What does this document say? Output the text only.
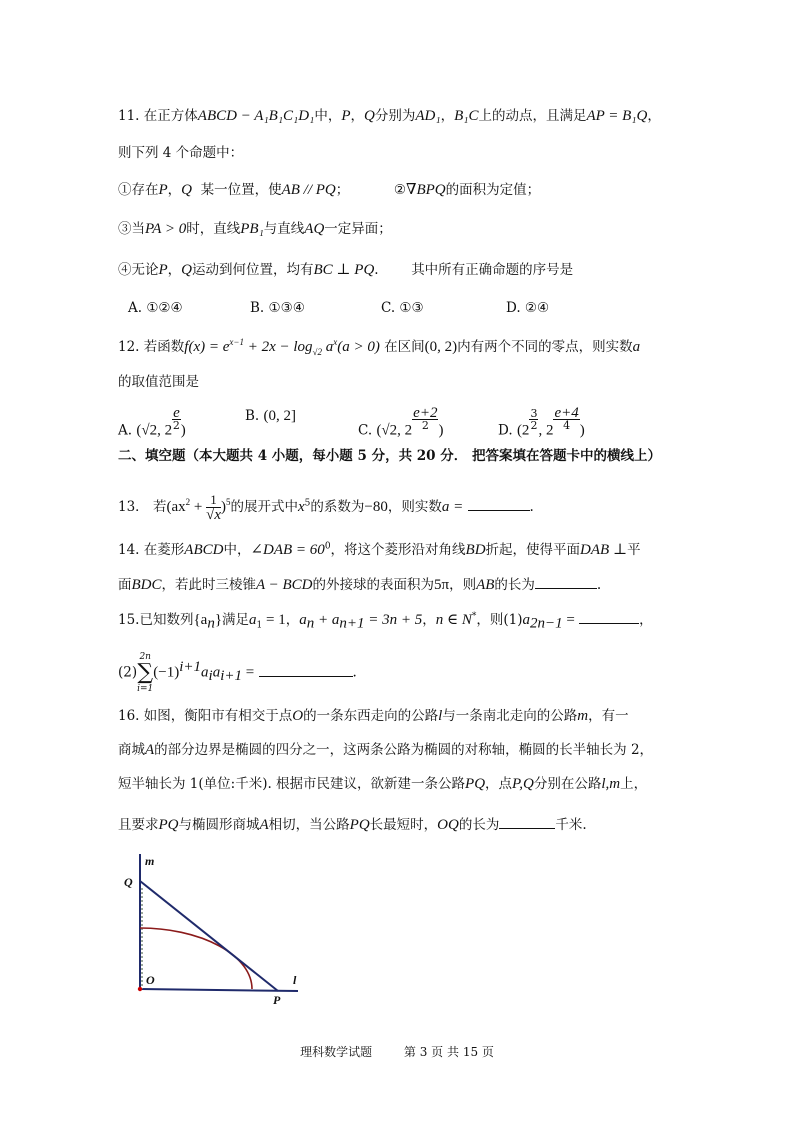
11. 在正方体ABCD − A₁B₁C₁D₁中，P，Q分别为AD₁，B₁C上的动点，且满足AP = B₁Q，
则下列 4 个命题中：
①存在P，Q 某一位置，使AB // PQ；	②∇BPQ的面积为定值；
③当PA > 0时，直线PB₁与直线AQ一定异面；
④无论P，Q运动到何位置，均有BC ⊥ PQ. 其中所有正确命题的序号是
A. ①②④	B. ①③④	C. ①③	D. ②④
12. 若函数$f(x) = e^{x-1} + 2x - \log_{√2} a^x(a > 0)$ 在区间(0, 2)内有两个不同的零点，则实数a
的取值范围是
A. (√2, $2 \frac{e}{2}$ )
B. (0, 2]
C. (√2, $2 \frac{e+2}{2}$ )	D. ($2 \frac{3}{2}$ , $2 \frac{e+4}{4}$ )
二、填空题（本大题共 4 小题，每小题 5 分，共 20 分． 把答案填在答题卡中的横线上）
13． 若$(ax^2 + \frac{1}{√x} )^5$的展开式中$x^5$的系数为−80，则实数a =	.
14. 在菱形ABCD中，∠DAB = $60^0$，将这个菱形沿对角线BD折起，使得平面DAB ⊥平
面BDC，若此时三棱锥A − BCD的外接球的表面积为5π，则AB的长为	.
15.已知数列$\{a_n\}$满足$a_1 = 1$，$a_n + a_{n+1} = 3n + 5$，n ∈ N*，则$(1)a_{2n-1}$ =	，
(2)
2n
∑
i=1
$(-1)^{i+1}a_ia_{i+1}$ =	.
16. 如图，衡阳市有相交于点O的一条东西走向的公路l与一条南北走向的公路m，有一
商城A的部分边界是椭圆的四分之一，这两条公路为椭圆的对称轴，椭圆的长半轴长为 2，
短半轴长为 1(单位:千米). 根据市民建议，欲新建一条公路PQ，点P,Q分别在公路l,m上，
且要求PQ与椭圆形商城A相切，当公路PQ长最短时，OQ的长为	千米.
m
Q
O	l
P
理科数学试题	第 3 页 共 15 页
